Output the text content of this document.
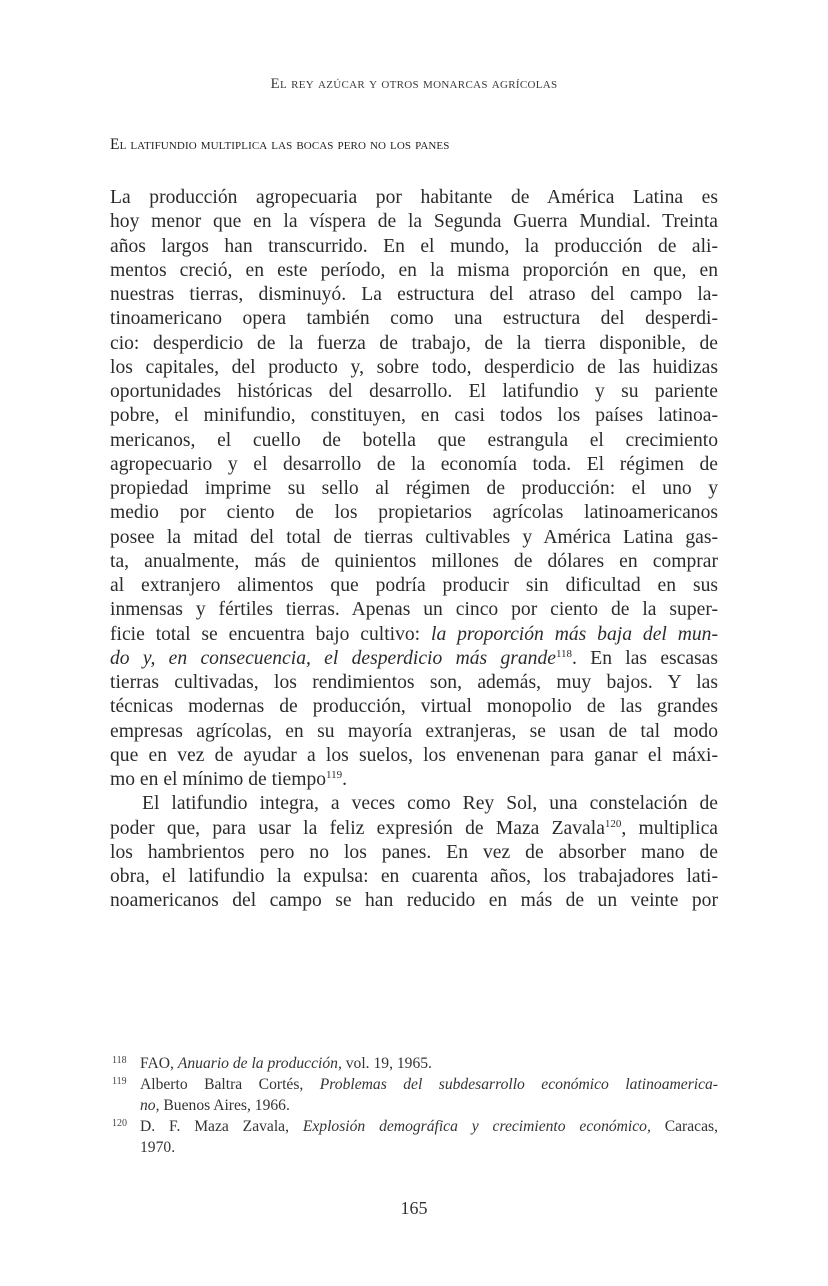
El rey azúcar y otros monarcas agrícolas
El latifundio multiplica las bocas pero no los panes
La producción agropecuaria por habitante de América Latina es
hoy menor que en la víspera de la Segunda Guerra Mundial. Treinta
años largos han transcurrido. En el mundo, la producción de ali-
mentos creció, en este período, en la misma proporción en que, en
nuestras tierras, disminuyó. La estructura del atraso del campo la-
tinoamericano opera también como una estructura del desperdi-
cio: desperdicio de la fuerza de trabajo, de la tierra disponible, de
los capitales, del producto y, sobre todo, desperdicio de las huidizas
oportunidades históricas del desarrollo. El latifundio y su pariente
pobre, el minifundio, constituyen, en casi todos los países latinoa-
mericanos, el cuello de botella que estrangula el crecimiento
agropecuario y el desarrollo de la economía toda. El régimen de
propiedad imprime su sello al régimen de producción: el uno y
medio por ciento de los propietarios agrícolas latinoamericanos
posee la mitad del total de tierras cultivables y América Latina gas-
ta, anualmente, más de quinientos millones de dólares en comprar
al extranjero alimentos que podría producir sin dificultad en sus
inmensas y fértiles tierras. Apenas un cinco por ciento de la super-
ficie total se encuentra bajo cultivo: la proporción más baja del mun-
do y, en consecuencia, el desperdicio más grande$^{118}$. En las escasas
tierras cultivadas, los rendimientos son, además, muy bajos. Y las
técnicas modernas de producción, virtual monopolio de las grandes
empresas agrícolas, en su mayoría extranjeras, se usan de tal modo
que en vez de ayudar a los suelos, los envenenan para ganar el máxi-
mo en el mínimo de tiempo$^{119}$.
El latifundio integra, a veces como Rey Sol, una constelación de
poder que, para usar la feliz expresión de Maza Zavala$^{120}$, multiplica
los hambrientos pero no los panes. En vez de absorber mano de
obra, el latifundio la expulsa: en cuarenta años, los trabajadores lati-
noamericanos del campo se han reducido en más de un veinte por
118 FAO, Anuario de la producción, vol. 19, 1965.
119 Alberto Baltra Cortés, Problemas del subdesarrollo económico latinoamerica-
no, Buenos Aires, 1966.
120 D. F. Maza Zavala, Explosión demográfica y crecimiento económico, Caracas,
1970.
165
